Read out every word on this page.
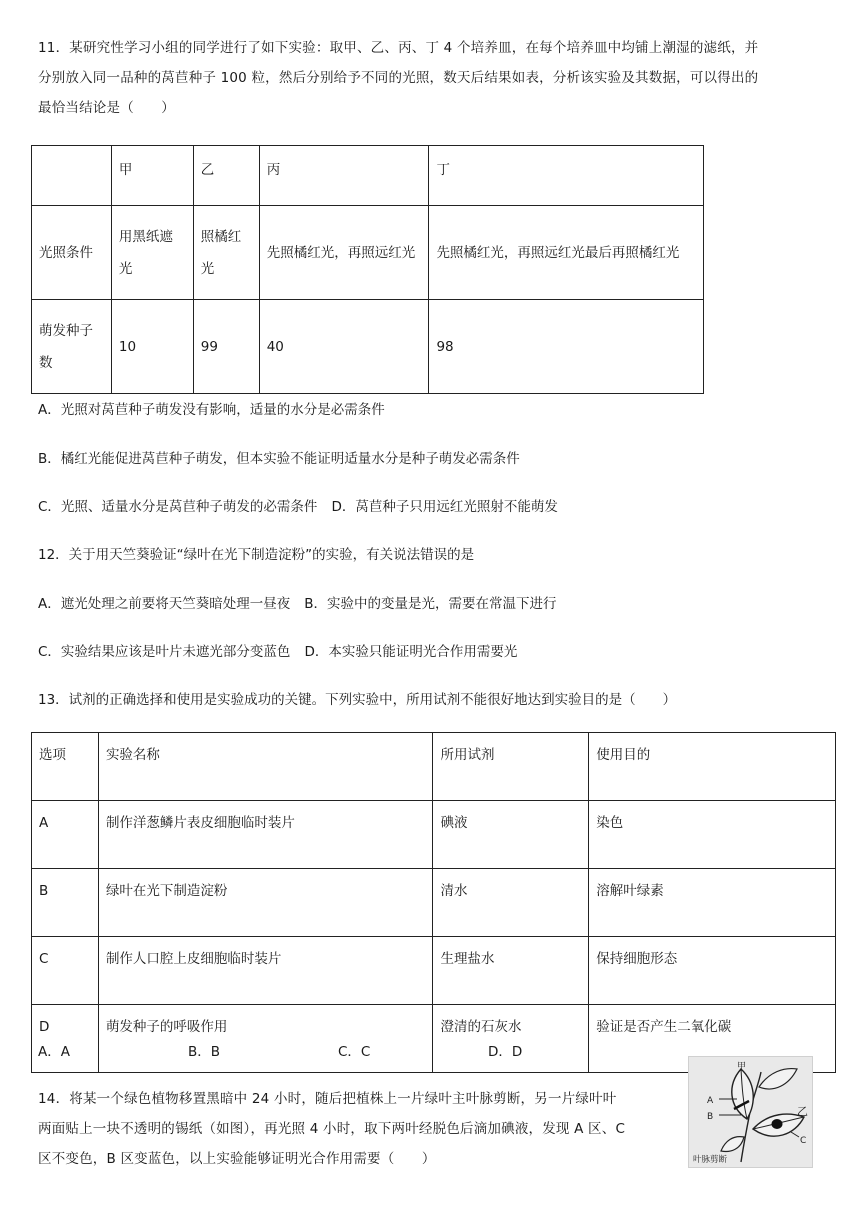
11．某研究性学习小组的同学进行了如下实验：取甲、乙、丙、丁 4 个培养皿，在每个培养皿中均铺上潮湿的滤纸，并

分别放入同一品种的莴苣种子 100 粒，然后分别给予不同的光照，数天后结果如表，分析该实验及其数据，可以得出的

最恰当结论是（　　）

	甲	乙	丙	丁
光照条件	用黑纸遮光	照橘红光	先照橘红光，再照远红光	先照橘红光，再照远红光最后再照橘红光
萌发种子数	10	99	40	98

A．光照对莴苣种子萌发没有影响，适量的水分是必需条件

B．橘红光能促进莴苣种子萌发，但本实验不能证明适量水分是种子萌发必需条件

C．光照、适量水分是莴苣种子萌发的必需条件 D．莴苣种子只用远红光照射不能萌发

12．关于用天竺葵验证“绿叶在光下制造淀粉”的实验，有关说法错误的是

A．遮光处理之前要将天竺葵暗处理一昼夜 B．实验中的变量是光，需要在常温下进行

C．实验结果应该是叶片未遮光部分变蓝色 D．本实验只能证明光合作用需要光

13．试剂的正确选择和使用是实验成功的关键。下列实验中，所用试剂不能很好地达到实验目的是（　　）

选项	实验名称	所用试剂	使用目的
A	制作洋葱鳞片表皮细胞临时装片	碘液	染色
B	绿叶在光下制造淀粉	清水	溶解叶绿素
C	制作人口腔上皮细胞临时装片	生理盐水	保持细胞形态
D	萌发种子的呼吸作用	澄清的石灰水	验证是否产生二氧化碳
A．A	B．B	C．C	D．D

14．将某一个绿色植物移置黑暗中 24 小时，随后把植株上一片绿叶主叶脉剪断，另一片绿叶叶

两面贴上一块不透明的锡纸（如图），再光照 4 小时，取下两叶经脱色后滴加碘液，发现 A 区、C

区不变色，B 区变蓝色，以上实验能够证明光合作用需要（　　）

甲
A
B	乙
C
叶脉剪断
